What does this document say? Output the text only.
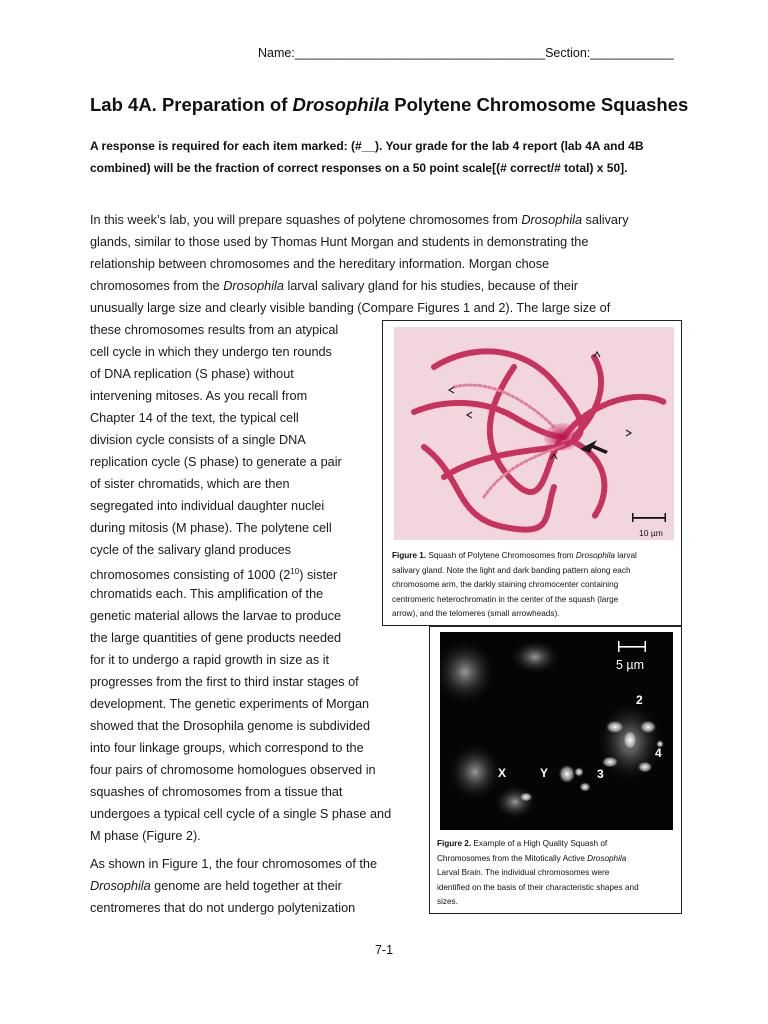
Name:____________________________________Section:____________
Lab 4A. Preparation of Drosophila Polytene Chromosome Squashes
A response is required for each item marked: (#__). Your grade for the lab 4 report (lab 4A and 4B
combined) will be the fraction of correct responses on a 50 point scale[(# correct/# total) x 50].
In this week’s lab, you will prepare squashes of polytene chromosomes from Drosophila salivary
glands, similar to those used by Thomas Hunt Morgan and students in demonstrating the
relationship between chromosomes and the hereditary information. Morgan chose
chromosomes from the Drosophila larval salivary gland for his studies, because of their
unusually large size and clearly visible banding (Compare Figures 1 and 2). The large size of
these chromosomes results from an atypical
cell cycle in which they undergo ten rounds
of DNA replication (S phase) without
intervening mitoses. As you recall from
Chapter 14 of the text, the typical cell
division cycle consists of a single DNA
replication cycle (S phase) to generate a pair
of sister chromatids, which are then
segregated into individual daughter nuclei
during mitosis (M phase). The polytene cell
cycle of the salivary gland produces
chromosomes consisting of 1000 $(2^{10})$ sister
chromatids each. This amplification of the
genetic material allows the larvae to produce
the large quantities of gene products needed
for it to undergo a rapid growth in size as it
progresses from the first to third instar stages of
development. The genetic experiments of Morgan
showed that the Drosophila genome is subdivided
into four linkage groups, which correspond to the
four pairs of chromosome homologues observed in
squashes of chromosomes from a tissue that
undergoes a typical cell cycle of a single S phase and
M phase (Figure 2).
As shown in Figure 1, the four chromosomes of the
Drosophila genome are held together at their
centromeres that do not undergo polytenization
10 µm
Figure 1. Squash of Polytene Chromosomes from Drosophila larval
salivary gland. Note the light and dark banding pattern along each
chromosome arm, the darkly staining chromocenter containing
centromeric heterochromatin in the center of the squash (large
arrow), and the telomeres (small arrowheads).
5 µm
X	Y	3
2
4
Figure 2. Example of a High Quality Squash of
Chromosomes from the Mitotically Active Drosophila
Larval Brain. The individual chromosomes were
identified on the basis of their characteristic shapes and
sizes.
7-1
